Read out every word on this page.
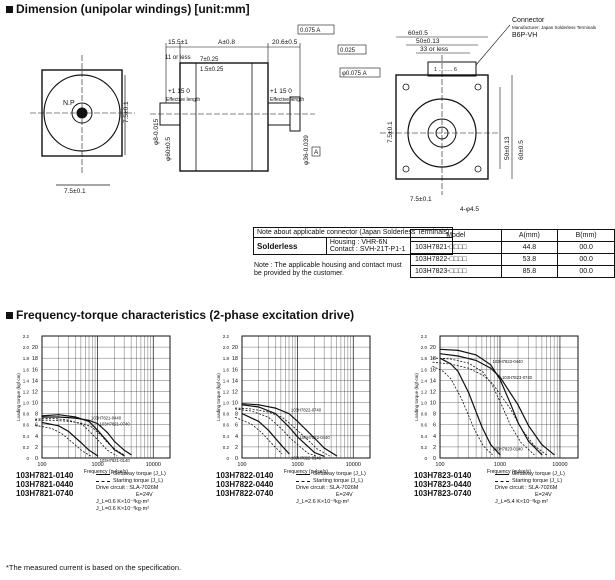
Dimension (unipolar windings) [unit:mm]
N.P
7.5±0.1
7.5±0.1
15.5±1	A±0.8	20.6±0.5
11 or less 7±0.25
1.5±0.25
+1 15 0	+1 15 0
Effective length	Effective length
φ8-0.015
φ60±0.5	φ36-0.039
0.075 A
0.025
φ0.075 A
A
60±0.5
50±0.13
33 or less
1 ......... 6
Connector
Manufacturer: Japan Solderless Terminals
B6P-VH
7.5±0.1
50±0.13 60±0.5
7.5±0.1
4-φ4.5
Note about applicable connector (Japan Solderless Terminals)
Solderless	Housing : VHR-6N
Contact : SVH-21T-P1-1
Note : The applicable housing and contact must be provided by the customer.
Model	A(mm)	B(mm)
103H7821-□□□□	44.8	00.0
103H7822-□□□□	53.8	00.0
103H7823-□□□□	85.8	00.0
Frequency-torque characteristics (2-phase excitation drive)
0
2
4
6
8
10
12
14
16
18
20
0
0.2
0.4
0.6
0.8
1.0
1.2
1.4
1.6
1.8
2.0
2.2
100	1000	10000
Frequency (pulse/s)
Loading torque (kgf·cm)	103H7821-0440
103H7821-0740
103H7821-0140	0
2
4
6
8
10
12
14
16
18
20
0
0.2
0.4
0.6
0.8
1.0
1.2
1.4
1.6
1.8
2.0
2.2
100	1000	10000
Frequency (pulse/s)
Loading torque (kgf·cm)	103H7822-0740
103H7822-0440
103H7822-0140	0
2
4
6
8
10
12
14
16
18
20
0
0.2
0.4
0.6
0.8
1.0
1.2
1.4
1.6
1.8
2.0
2.2
100	1000	10000
Frequency (pulse/s)
Loading torque (kgf·cm)
103H7823-0440
103H7823-0740
103H7823-0140
103H7821-0140
103H7821-0440
103H7821-0740
Getaway torque (J_L)
Starting torque (J_L)
Drive circuit : SLA-7026M
E=24V
J_L=0.6 K×10⁻³kg·m²
J_L=0.6 K×10⁻³kg·m²
103H7822-0140
103H7822-0440
103H7822-0740
Getaway torque (J_L)
Starting torque (J_L)
Drive circuit : SLA-7026M
E=24V
J_L=2.6 K×10⁻³kg·m²
103H7823-0140
103H7823-0440
103H7823-0740
Getaway torque (J_L)
Starting torque (J_L)
Drive circuit : SLA-7026M
E=24V
J_L=5.4 K×10⁻³kg·m²
*The measured current is based on the specification.
